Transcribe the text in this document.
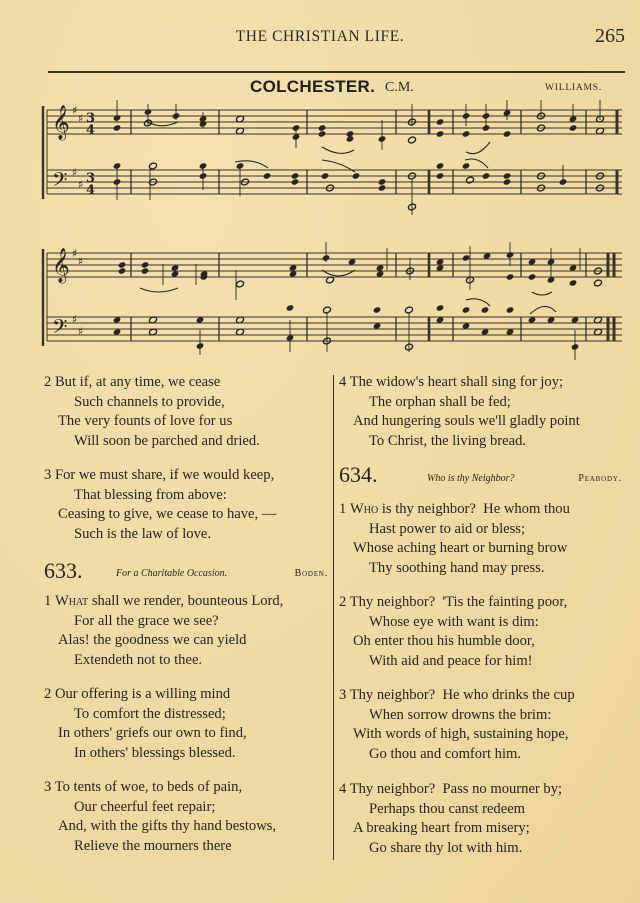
THE CHRISTIAN LIFE.	265
COLCHESTER. C.M.	WILLIAMS.
𝄞
𝄢
♯
♯
♯
♯
3
4
3
4
𝄞
𝄢
♯
♯
♯
♯
2 But if, at any time, we cease
Such channels to provide,
The very founts of love for us
Will soon be parched and dried.
3 For we must share, if we would keep,
That blessing from above:
Ceasing to give, we cease to have, —
Such is the law of love.
633.	For a Charitable Occasion.	Boden.
1 What shall we render, bounteous Lord,
For all the grace we see?
Alas! the goodness we can yield
Extendeth not to thee.
2 Our offering is a willing mind
To comfort the distressed;
In others' griefs our own to find,
In others' blessings blessed.
3 To tents of woe, to beds of pain,
Our cheerful feet repair;
And, with the gifts thy hand bestows,
Relieve the mourners there
4 The widow's heart shall sing for joy;
The orphan shall be fed;
And hungering souls we'll gladly point
To Christ, the living bread.
634.	Who is thy Neighbor?	Peabody.
1 Who is thy neighbor?  He whom thou
Hast power to aid or bless;
Whose aching heart or burning brow
Thy soothing hand may press.
2 Thy neighbor?  'Tis the fainting poor,
Whose eye with want is dim:
Oh enter thou his humble door,
With aid and peace for him!
3 Thy neighbor?  He who drinks the cup
When sorrow drowns the brim:
With words of high, sustaining hope,
Go thou and comfort him.
4 Thy neighbor?  Pass no mourner by;
Perhaps thou canst redeem
A breaking heart from misery;
Go share thy lot with him.
